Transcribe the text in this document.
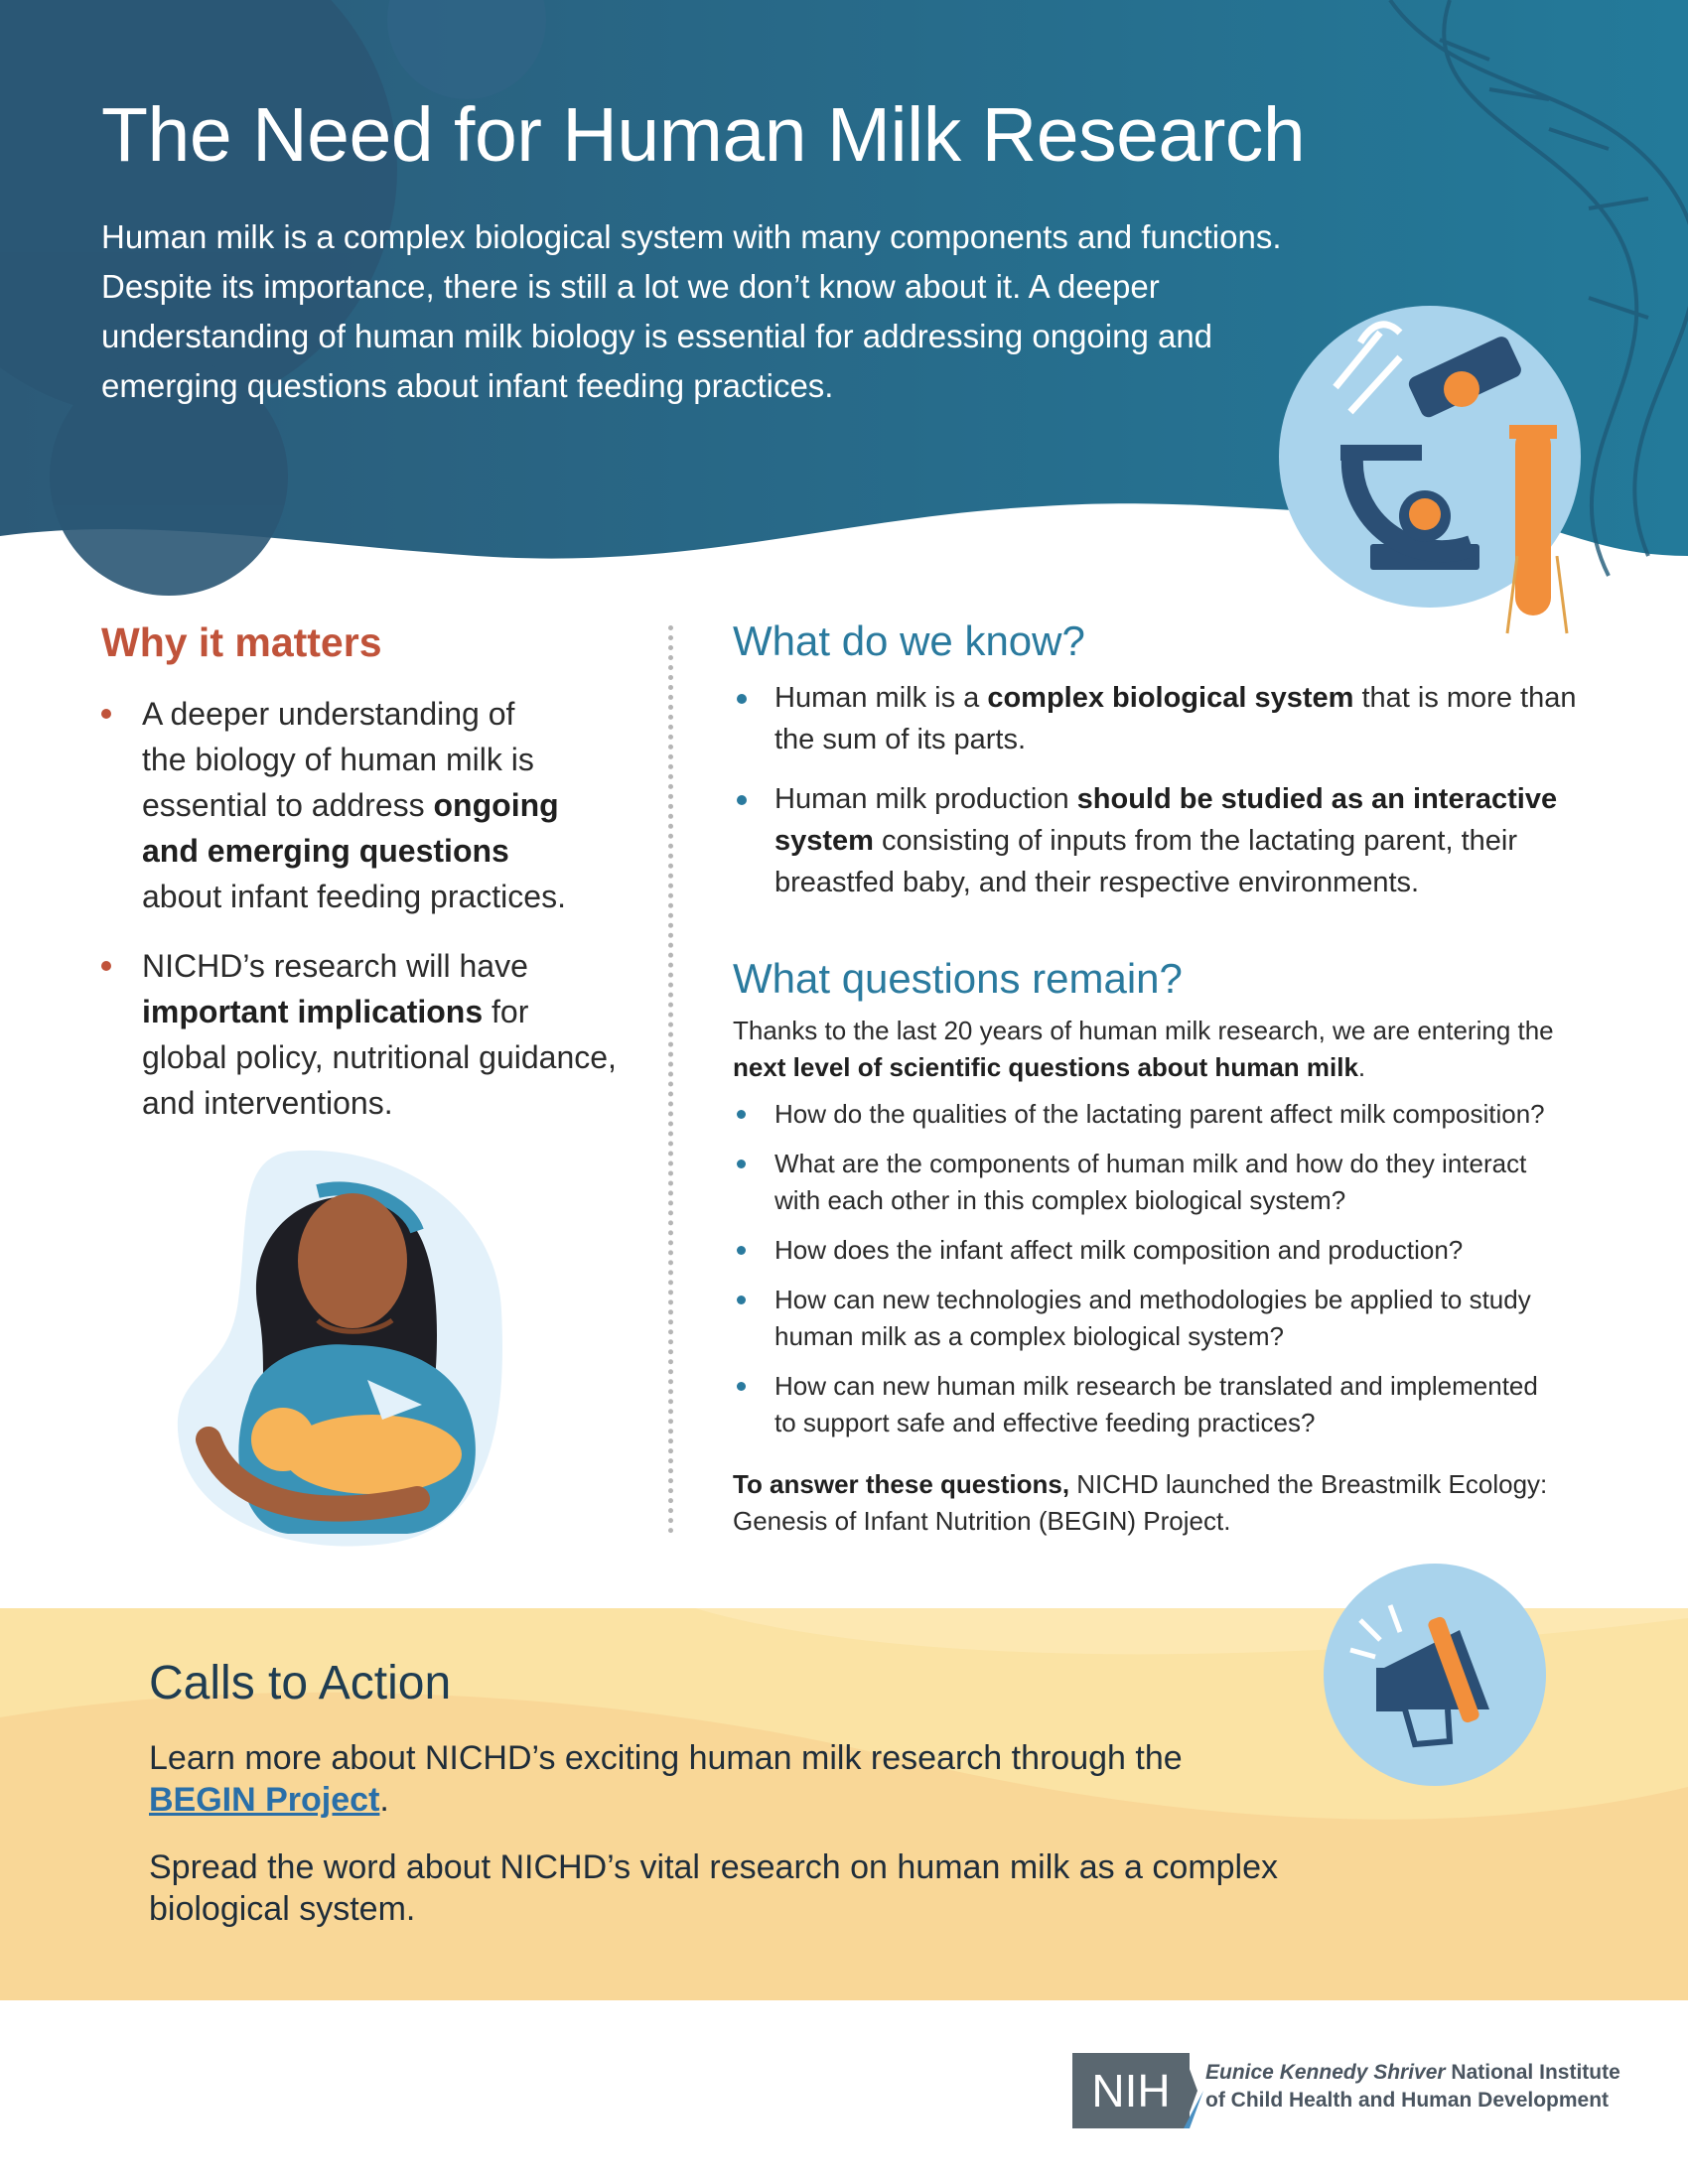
The Need for Human Milk Research

Human milk is a complex biological system with many components and functions.
Despite its importance, there is still a lot we don’t know about it. A deeper
understanding of human milk biology is essential for addressing ongoing and
emerging questions about infant feeding practices.

Why it matters
A deeper understanding of
the biology of human milk is
essential to address ongoing
and emerging questions
about infant feeding practices.
NICHD’s research will have
important implications for
global policy, nutritional guidance,
and interventions.
What do we know?
Human milk is a complex biological system that is more than
the sum of its parts.
Human milk production should be studied as an interactive
system consisting of inputs from the lactating parent, their
breastfed baby, and their respective environments.
What questions remain?

Thanks to the last 20 years of human milk research, we are entering the
next level of scientific questions about human milk.

How do the qualities of the lactating parent affect milk composition?
What are the components of human milk and how do they interact
with each other in this complex biological system?
How does the infant affect milk composition and production?
How can new technologies and methodologies be applied to study
human milk as a complex biological system?
How can new human milk research be translated and implemented
to support safe and effective feeding practices?

To answer these questions, NICHD launched the Breastmilk Ecology:
Genesis of Infant Nutrition (BEGIN) Project.

Calls to Action

Learn more about NICHD’s exciting human milk research through the
BEGIN Project.

Spread the word about NICHD’s vital research on human milk as a complex
biological system.

NIH	Eunice Kennedy Shriver National Institute

of Child Health and Human Development
